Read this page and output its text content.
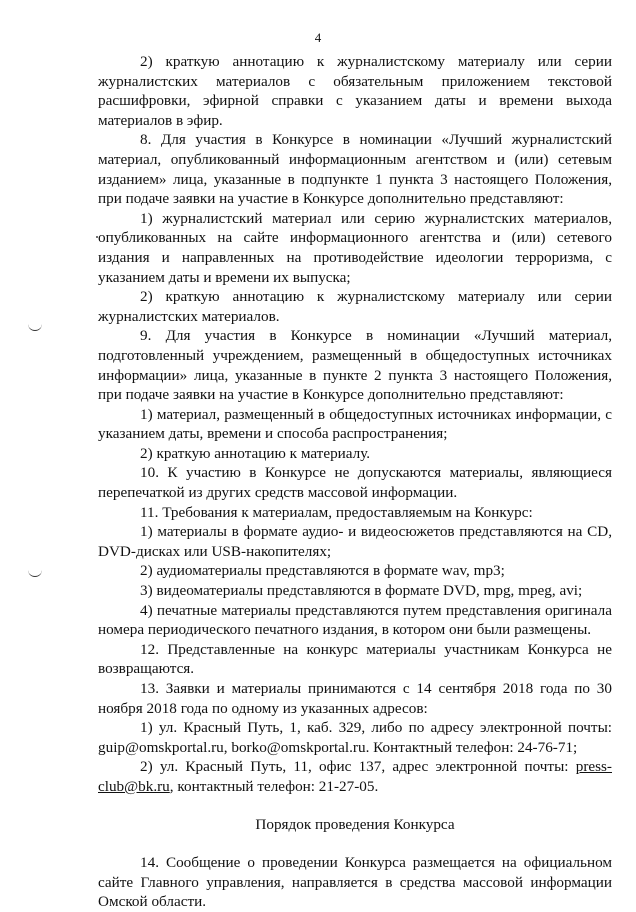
4

2) краткую аннотацию к журналистскому материалу или серии журналистских материалов с обязательным приложением текстовой расшифровки, эфирной справки с указанием даты и времени выхода материалов в эфир.

8. Для участия в Конкурсе в номинации «Лучший журналистский материал, опубликованный информационным агентством и (или) сетевым изданием» лица, указанные в подпункте 1 пункта 3 настоящего Положения, при подаче заявки на участие в Конкурсе дополнительно представляют:

1) журналистский материал или серию журналистских материалов, опубликованных на сайте информационного агентства и (или) сетевого издания и направленных на противодействие идеологии терроризма, с указанием даты и времени их выпуска;

2) краткую аннотацию к журналистскому материалу или серии журналистских материалов.

9. Для участия в Конкурсе в номинации «Лучший материал, подготовленный учреждением, размещенный в общедоступных источниках информации» лица, указанные в пункте 2 пункта 3 настоящего Положения, при подаче заявки на участие в Конкурсе дополнительно представляют:

1) материал, размещенный в общедоступных источниках информации, с указанием даты, времени и способа распространения;

2) краткую аннотацию к материалу.

10. К участию в Конкурсе не допускаются материалы, являющиеся перепечаткой из других средств массовой информации.

11. Требования к материалам, предоставляемым на Конкурс:

1) материалы в формате аудио- и видеосюжетов представляются на CD, DVD-дисках или USB-накопителях;

2) аудиоматериалы представляются в формате wav, mp3;

3) видеоматериалы представляются в формате DVD, mpg, mpeg, avi;

4) печатные материалы представляются путем представления оригинала номера периодического печатного издания, в котором они были размещены.

12. Представленные на конкурс материалы участникам Конкурса не возвращаются.

13. Заявки и материалы принимаются с 14 сентября 2018 года по 30 ноября 2018 года по одному из указанных адресов:

1) ул. Красный Путь, 1, каб. 329, либо по адресу электронной почты: guip@omskportal.ru, borko@omskportal.ru. Контактный телефон: 24-76-71;

2) ул. Красный Путь, 11, офис 137, адрес электронной почты: press-club@bk.ru, контактный телефон: 21-27-05.

Порядок проведения Конкурса

14. Сообщение о проведении Конкурса размещается на официальном сайте Главного управления, направляется в средства массовой информации Омской области.
